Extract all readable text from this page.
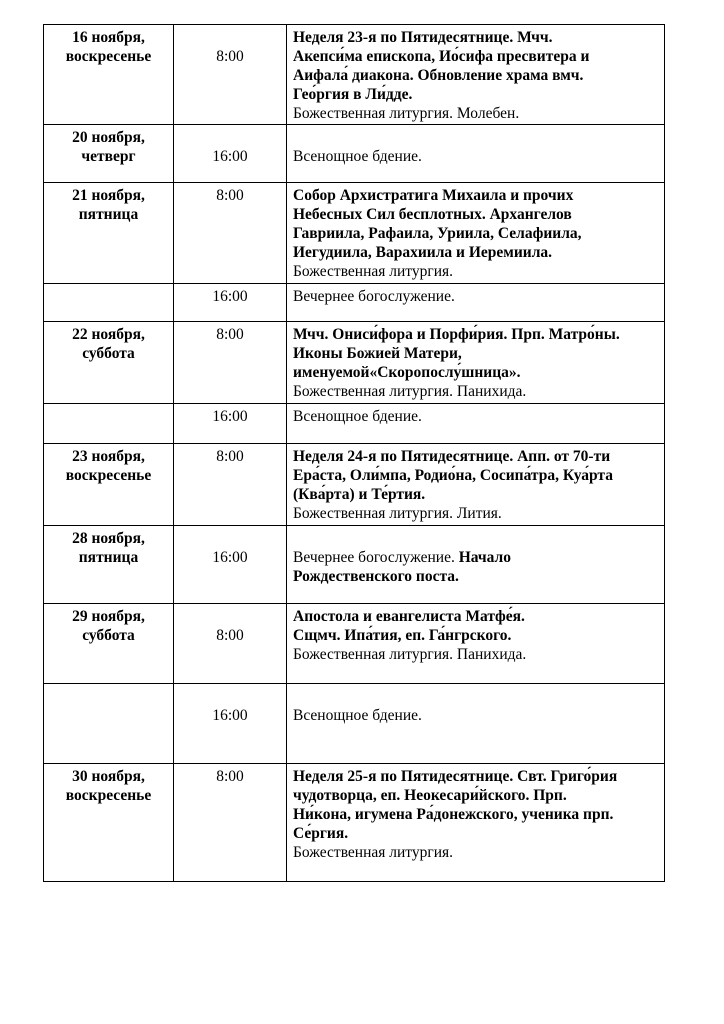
16 ноября,
воскресенье	8:00	Неделя 23-я по Пятидесятнице. Мчч.
Акепси́ма епископа, Ио́сифа пресвитера и
Аифала́ диакона. Обновление храма вмч.
Гео́ргия в Ли́дде.
Божественная литургия. Молебен.

20 ноября,
четверг	16:00	Всенощное бдение.

21 ноября,
пятница	8:00	Собор Архистратига Михаила и прочих
Небесных Сил бесплотных. Архангелов
Гавриила, Рафаила, Уриила, Селафиила,
Иегудиила, Варахиила и Иеремиила.
Божественная литургия.

	16:00	Вечернее богослужение.

22 ноября,
суббота	8:00	Мчч. Ониси́фора и Порфи́рия. Прп. Матро́ны.
Иконы Божией Матери,
именуемой«Скоропослу́шница».
Божественная литургия. Панихида.

	16:00	Всенощное бдение.

23 ноября,
воскресенье	8:00	Неделя 24-я по Пятидесятнице. Апп. от 70-ти
Ера́ста, Оли́мпа, Родио́на, Сосипа́тра, Куа́рта
(Ква́рта) и Те́ртия.
Божественная литургия. Лития.

28 ноября,
пятница	16:00	Вечернее богослужение. Начало
Рождественского поста.

29 ноября,
суббота	8:00	Апостола и евангелиста Матфе́я.
Сщмч. Ипа́тия, еп. Га́нгрского.
Божественная литургия. Панихида.

	16:00	Всенощное бдение.

30 ноября,
воскресенье	8:00	Неделя 25-я по Пятидесятнице. Свт. Григо́рия
чудотворца, еп. Неокесари́йского. Прп.
Ни́кона, игумена Ра́донежского, ученика прп.
Се́ргия.
Божественная литургия.
